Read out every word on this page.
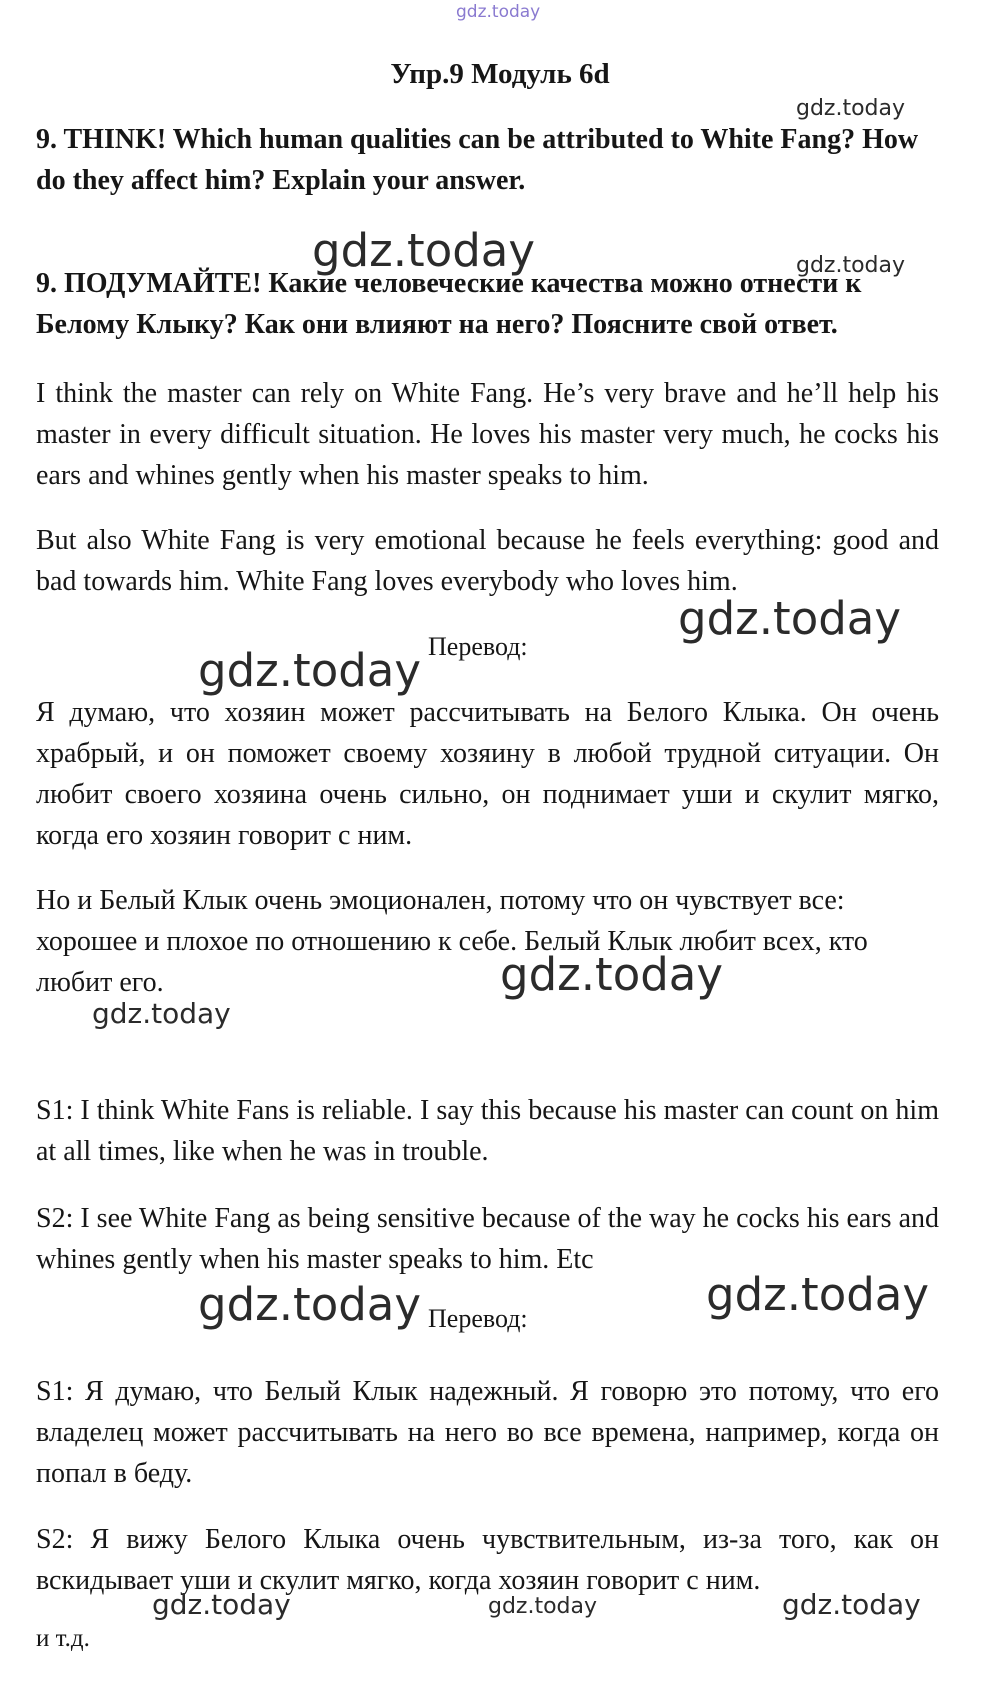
gdz.today
Упр.9 Модуль 6d

9. THINK! Which human qualities can be attributed to White Fang? How do they affect him? Explain your answer.

9. ПОДУМАЙТЕ! Какие человеческие качества можно отнести к Белому Клыку? Как они влияют на него? Поясните свой ответ.

I think the master can rely on White Fang. He’s very brave and he’ll help his master in every difficult situation. He loves his master very much, he cocks his ears and whines gently when his master speaks to him.

But also White Fang is very emotional because he feels everything: good and bad towards him. White Fang loves everybody who loves him.

Перевод:

Я думаю, что хозяин может рассчитывать на Белого Клыка. Он очень храбрый, и он поможет своему хозяину в любой трудной ситуации. Он любит своего хозяина очень сильно, он поднимает уши и скулит мягко, когда его хозяин говорит с ним.

Но и Белый Клык очень эмоционален, потому что он чувствует все: хорошее и плохое по отношению к себе. Белый Клык любит всех, кто любит его.

S1: I think White Fans is reliable. I say this because his master can count on him at all times, like when he was in trouble.

S2: I see White Fang as being sensitive because of the way he cocks his ears and whines gently when his master speaks to him. Etc

Перевод:

S1: Я думаю, что Белый Клык надежный. Я говорю это потому, что его владелец может рассчитывать на него во все времена, например, когда он попал в беду.

S2: Я вижу Белого Клыка очень чувствительным, из-за того, как он вскидывает уши и скулит мягко, когда хозяин говорит с ним.

и т.д.

gdz.today
gdz.today	gdz.today
gdz.today
gdz.today
gdz.today
gdz.today
gdz.today	gdz.today
gdz.today	gdz.today	gdz.today
